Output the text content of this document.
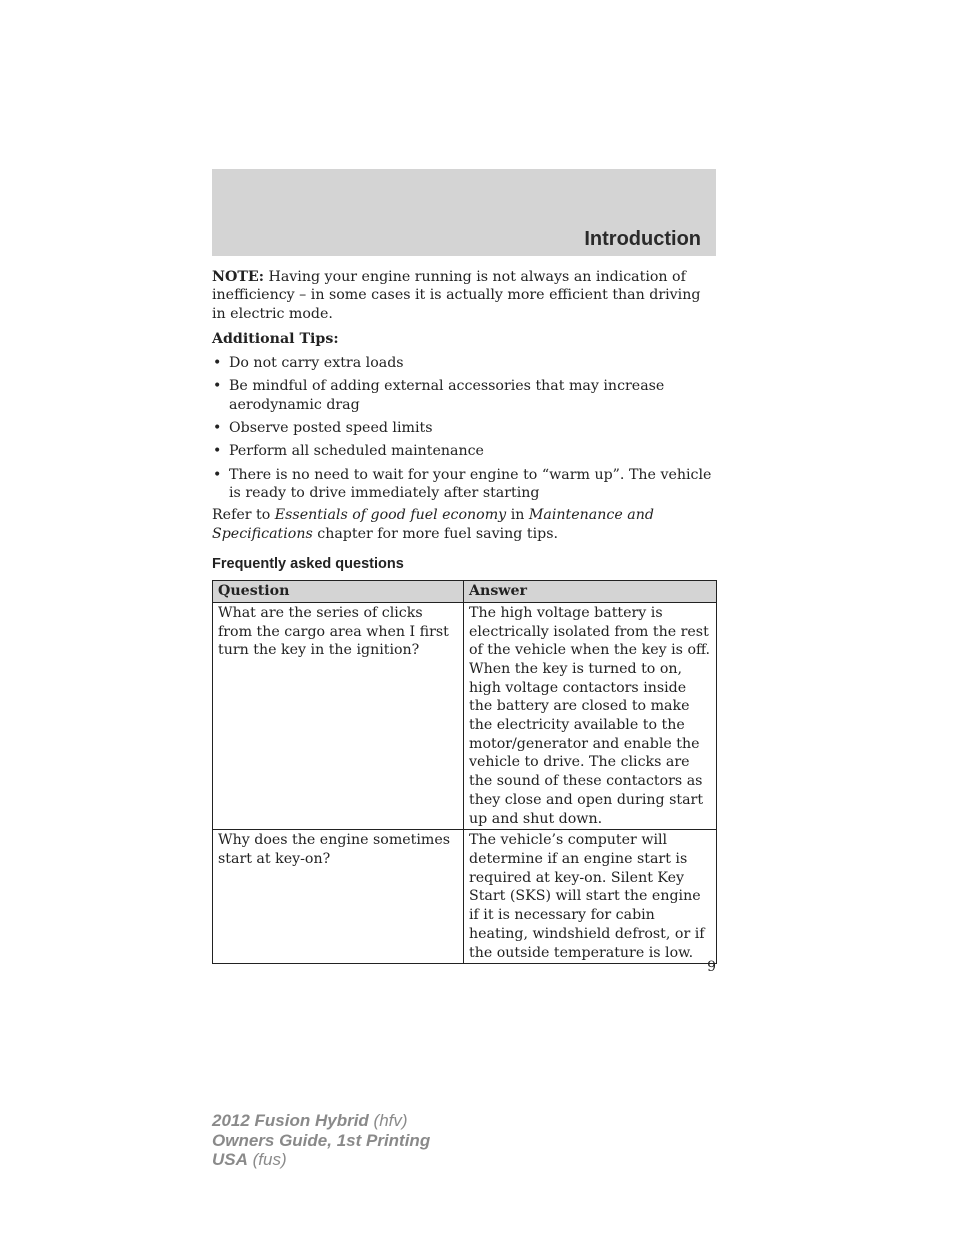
Introduction

NOTE: Having your engine running is not always an indication of inefficiency – in some cases it is actually more efficient than driving in electric mode.

Additional Tips:

• Do not carry extra loads
• Be mindful of adding external accessories that may increase aerodynamic drag
• Observe posted speed limits
• Perform all scheduled maintenance
• There is no need to wait for your engine to “warm up”. The vehicle is ready to drive immediately after starting

Refer to Essentials of good fuel economy in Maintenance and Specifications chapter for more fuel saving tips.

Frequently asked questions

Question	Answer
What are the series of clicks from the cargo area when I first turn the key in the ignition?	The high voltage battery is electrically isolated from the rest of the vehicle when the key is off. When the key is turned to on, high voltage contactors inside the battery are closed to make the electricity available to the motor/generator and enable the vehicle to drive. The clicks are the sound of these contactors as they close and open during start up and shut down.
Why does the engine sometimes start at key-on?	The vehicle’s computer will determine if an engine start is required at key-on. Silent Key Start (SKS) will start the engine if it is necessary for cabin heating, windshield defrost, or if the outside temperature is low.
9
2012 Fusion Hybrid (hfv)
Owners Guide, 1st Printing
USA (fus)
